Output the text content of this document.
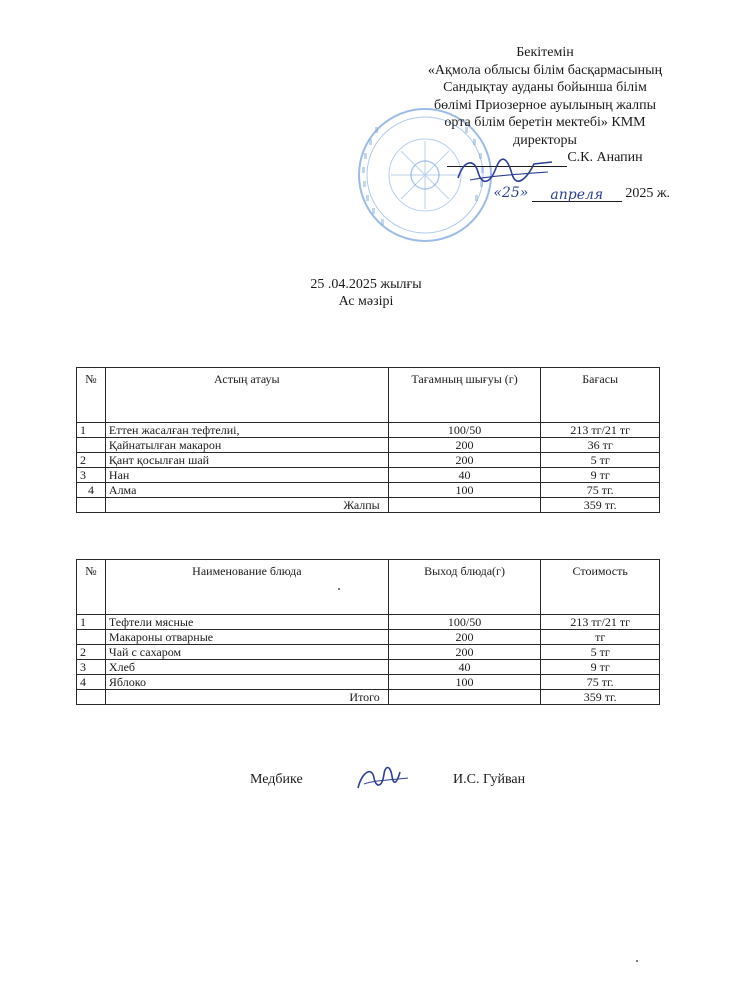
Бекітемін
«Ақмола облысы білім басқармасының
Сандықтау ауданы бойынша білім
бөлімі Приозерное ауылының жалпы
орта білім беретін мектебі» КММ
директоры
С.К. Анапин
«25» апреля 2025 ж.
25 .04.2025 жылғы
Ас мәзірі
№	Астың атауы	Тағамның шығуы (г)	Бағасы
1	Еттен жасалған тефтелиі,	100/50	213 тг/21 тг
	Қайнатылған макарон	200	36 тг
2	Қант қосылған шай	200	5 тг
3	Нан	40	9 тг
4	Алма	100	75 тг.
	Жалпы		359 тг.
№	Наименование блюда	Выход блюда(г)	Стоимость
1	Тефтели мясные	100/50	213 тг/21 тг
	Макароны отварные	200	тг
2	Чай с сахаром	200	5 тг
3	Хлеб	40	9 тг
4	Яблоко	100	75 тг.
	Итого		359 тг.
Медбике	И.С. Гуйван
